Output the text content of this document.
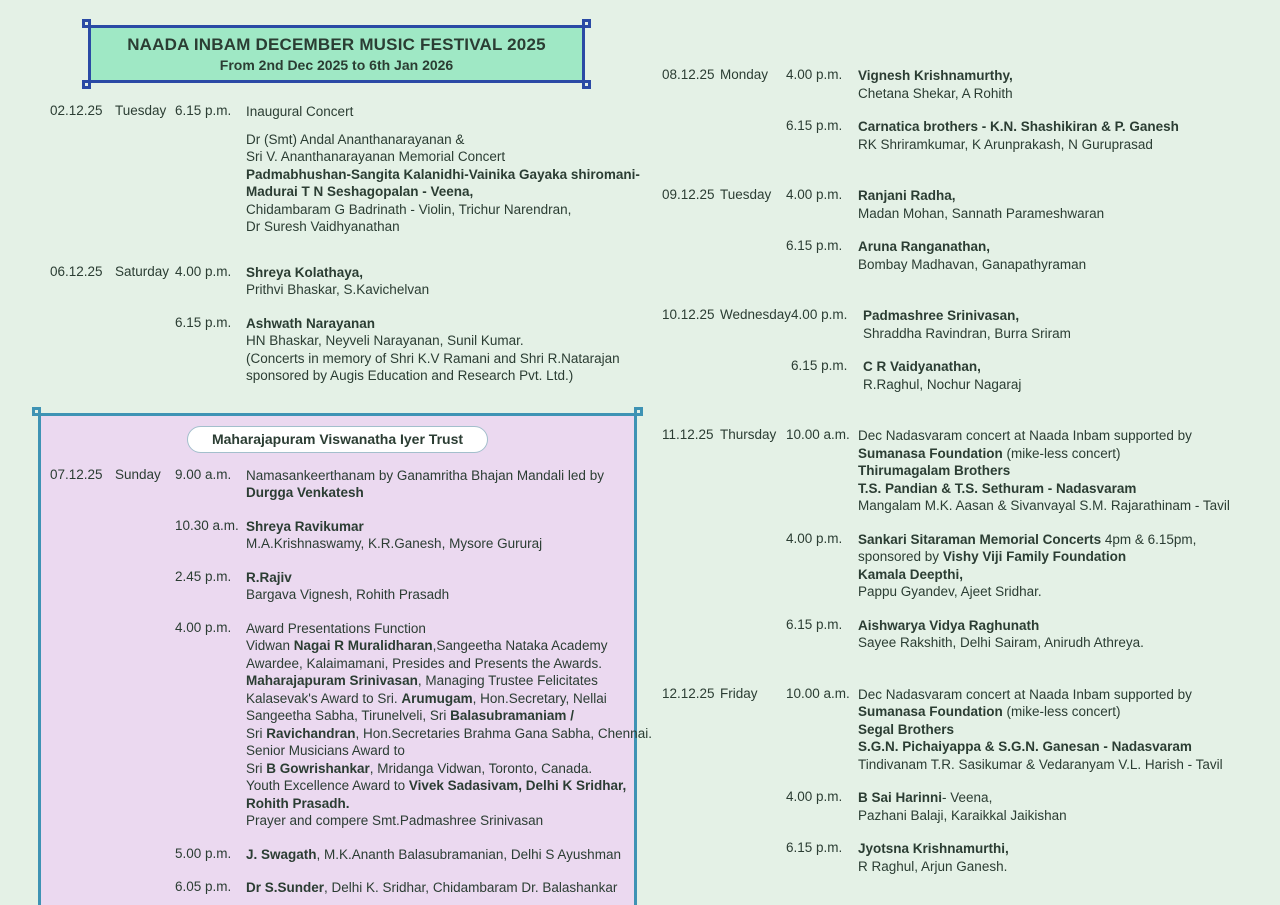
NAADA INBAM DECEMBER MUSIC FESTIVAL 2025
From 2nd Dec 2025 to 6th Jan 2026
02.12.25 Tuesday 6.15 p.m.	Inaugural Concert
Dr (Smt) Andal Ananthanarayanan &
Sri V. Ananthanarayanan Memorial Concert
Padmabhushan-Sangita Kalanidhi-Vainika Gayaka shiromani-
Madurai T N Seshagopalan - Veena,
Chidambaram G Badrinath - Violin, Trichur Narendran,
Dr Suresh Vaidhyanathan
06.12.25 Saturday 4.00 p.m.	Shreya Kolathaya,
Prithvi Bhaskar, S.Kavichelvan
6.15 p.m.	Ashwath Narayanan
HN Bhaskar, Neyveli Narayanan, Sunil Kumar.
(Concerts in memory of Shri K.V Ramani and Shri R.Natarajan
sponsored by Augis Education and Research Pvt. Ltd.)
Maharajapuram Viswanatha Iyer Trust
07.12.25 Sunday	9.00 a.m.	Namasankeerthanam by Ganamritha Bhajan Mandali led by
Durgga Venkatesh
10.30 a.m. Shreya Ravikumar
M.A.Krishnaswamy, K.R.Ganesh, Mysore Gururaj
2.45 p.m.	R.Rajiv
Bargava Vignesh, Rohith Prasadh
4.00 p.m.	Award Presentations Function
Vidwan Nagai R Muralidharan,Sangeetha Nataka Academy
Awardee, Kalaimamani, Presides and Presents the Awards.
Maharajapuram Srinivasan, Managing Trustee Felicitates
Kalasevak's Award to Sri. Arumugam, Hon.Secretary, Nellai
Sangeetha Sabha, Tirunelveli, Sri Balasubramaniam /
Sri Ravichandran, Hon.Secretaries Brahma Gana Sabha, Chennai.
Senior Musicians Award to
Sri B Gowrishankar, Mridanga Vidwan, Toronto, Canada.
Youth Excellence Award to Vivek Sadasivam, Delhi K Sridhar,
Rohith Prasadh.
Prayer and compere Smt.Padmashree Srinivasan
5.00 p.m.	J. Swagath, M.K.Ananth Balasubramanian, Delhi S Ayushman
6.05 p.m.	Dr S.Sunder, Delhi K. Sridhar, Chidambaram Dr. Balashankar
08.12.25 Monday	4.00 p.m.	Vignesh Krishnamurthy,
Chetana Shekar, A Rohith
6.15 p.m.	Carnatica brothers - K.N. Shashikiran & P. Ganesh
RK Shriramkumar, K Arunprakash, N Guruprasad
09.12.25 Tuesday	4.00 p.m.	Ranjani Radha,
Madan Mohan, Sannath Parameshwaran
6.15 p.m.	Aruna Ranganathan,
Bombay Madhavan, Ganapathyraman
10.12.25 Wednesday 4.00 p.m.	Padmashree Srinivasan,
Shraddha Ravindran, Burra Sriram
6.15 p.m.	C R Vaidyanathan,
R.Raghul, Nochur Nagaraj
11.12.25 Thursday 10.00 a.m. Dec Nadasvaram concert at Naada Inbam supported by
Sumanasa Foundation (mike-less concert)
Thirumagalam Brothers
T.S. Pandian & T.S. Sethuram - Nadasvaram
Mangalam M.K. Aasan & Sivanvayal S.M. Rajarathinam - Tavil
4.00 p.m.	Sankari Sitaraman Memorial Concerts 4pm & 6.15pm,
sponsored by Vishy Viji Family Foundation
Kamala Deepthi,
Pappu Gyandev, Ajeet Sridhar.
6.15 p.m.	Aishwarya Vidya Raghunath
Sayee Rakshith, Delhi Sairam, Anirudh Athreya.
12.12.25 Friday	10.00 a.m. Dec Nadasvaram concert at Naada Inbam supported by
Sumanasa Foundation (mike-less concert)
Segal Brothers
S.G.N. Pichaiyappa & S.G.N. Ganesan - Nadasvaram
Tindivanam T.R. Sasikumar & Vedaranyam V.L. Harish - Tavil
4.00 p.m.	B Sai Harinni- Veena,
Pazhani Balaji, Karaikkal Jaikishan
6.15 p.m.	Jyotsna Krishnamurthi,
R Raghul, Arjun Ganesh.
